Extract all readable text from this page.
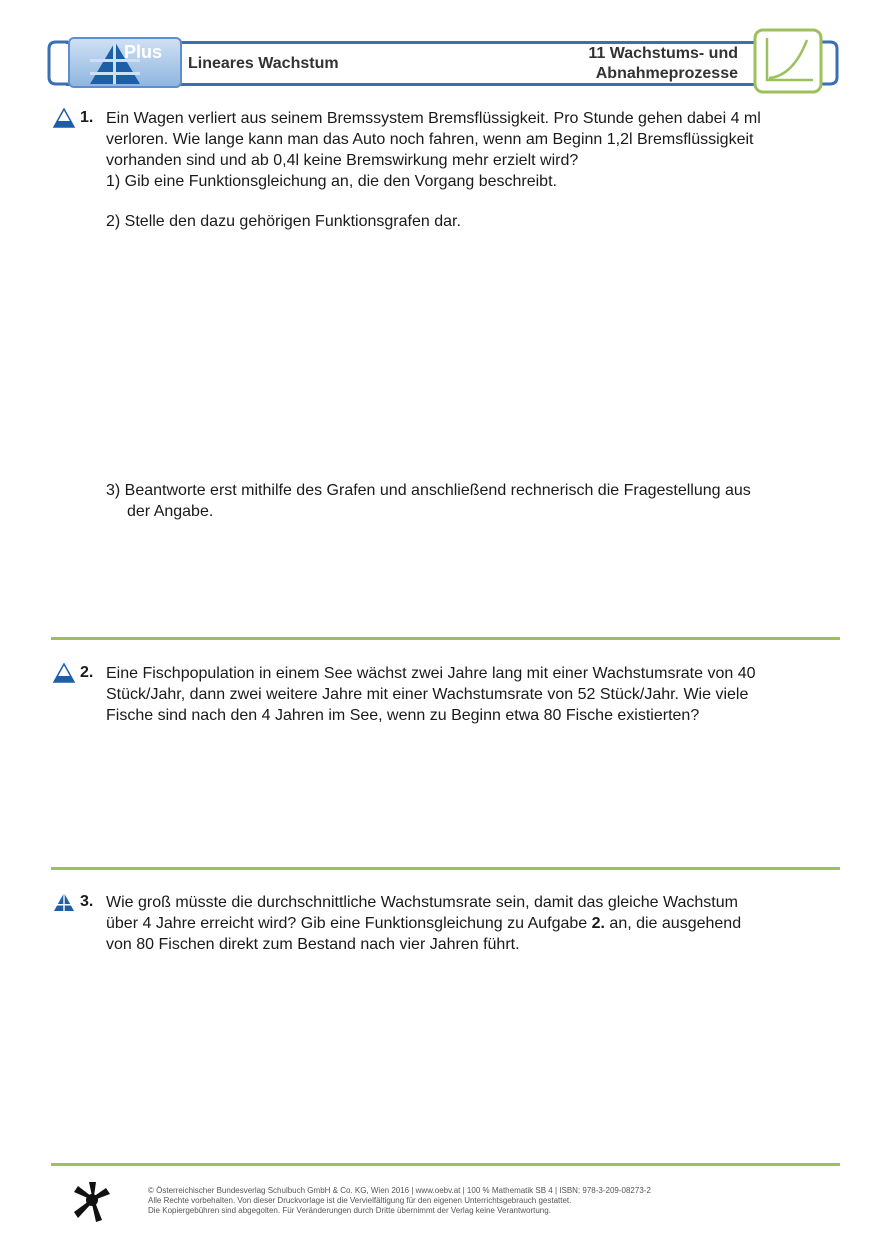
Plus
Lineares Wachstum
11 Wachstums- und
Abnahmeprozesse
1. Ein Wagen verliert aus seinem Bremssystem Bremsflüssigkeit. Pro Stunde gehen dabei 4 ml
verloren. Wie lange kann man das Auto noch fahren, wenn am Beginn 1,2l Bremsflüssigkeit
vorhanden sind und ab 0,4l keine Bremswirkung mehr erzielt wird?
1) Gib eine Funktionsgleichung an, die den Vorgang beschreibt.
2) Stelle den dazu gehörigen Funktionsgrafen dar.
3) Beantworte erst mithilfe des Grafen und anschließend rechnerisch die Fragestellung aus
der Angabe.
2. Eine Fischpopulation in einem See wächst zwei Jahre lang mit einer Wachstumsrate von 40
Stück/Jahr, dann zwei weitere Jahre mit einer Wachstumsrate von 52 Stück/Jahr. Wie viele
Fische sind nach den 4 Jahren im See, wenn zu Beginn etwa 80 Fische existierten?
3. Wie groß müsste die durchschnittliche Wachstumsrate sein, damit das gleiche Wachstum
über 4 Jahre erreicht wird? Gib eine Funktionsgleichung zu Aufgabe 2. an, die ausgehend
von 80 Fischen direkt zum Bestand nach vier Jahren führt.
© Österreichischer Bundesverlag Schulbuch GmbH & Co. KG, Wien 2016 | www.oebv.at | 100 % Mathematik SB 4 | ISBN: 978-3-209-08273-2
Alle Rechte vorbehalten. Von dieser Druckvorlage ist die Vervielfältigung für den eigenen Unterrichtsgebrauch gestattet.
Die Kopiergebühren sind abgegolten. Für Veränderungen durch Dritte übernimmt der Verlag keine Verantwortung.
